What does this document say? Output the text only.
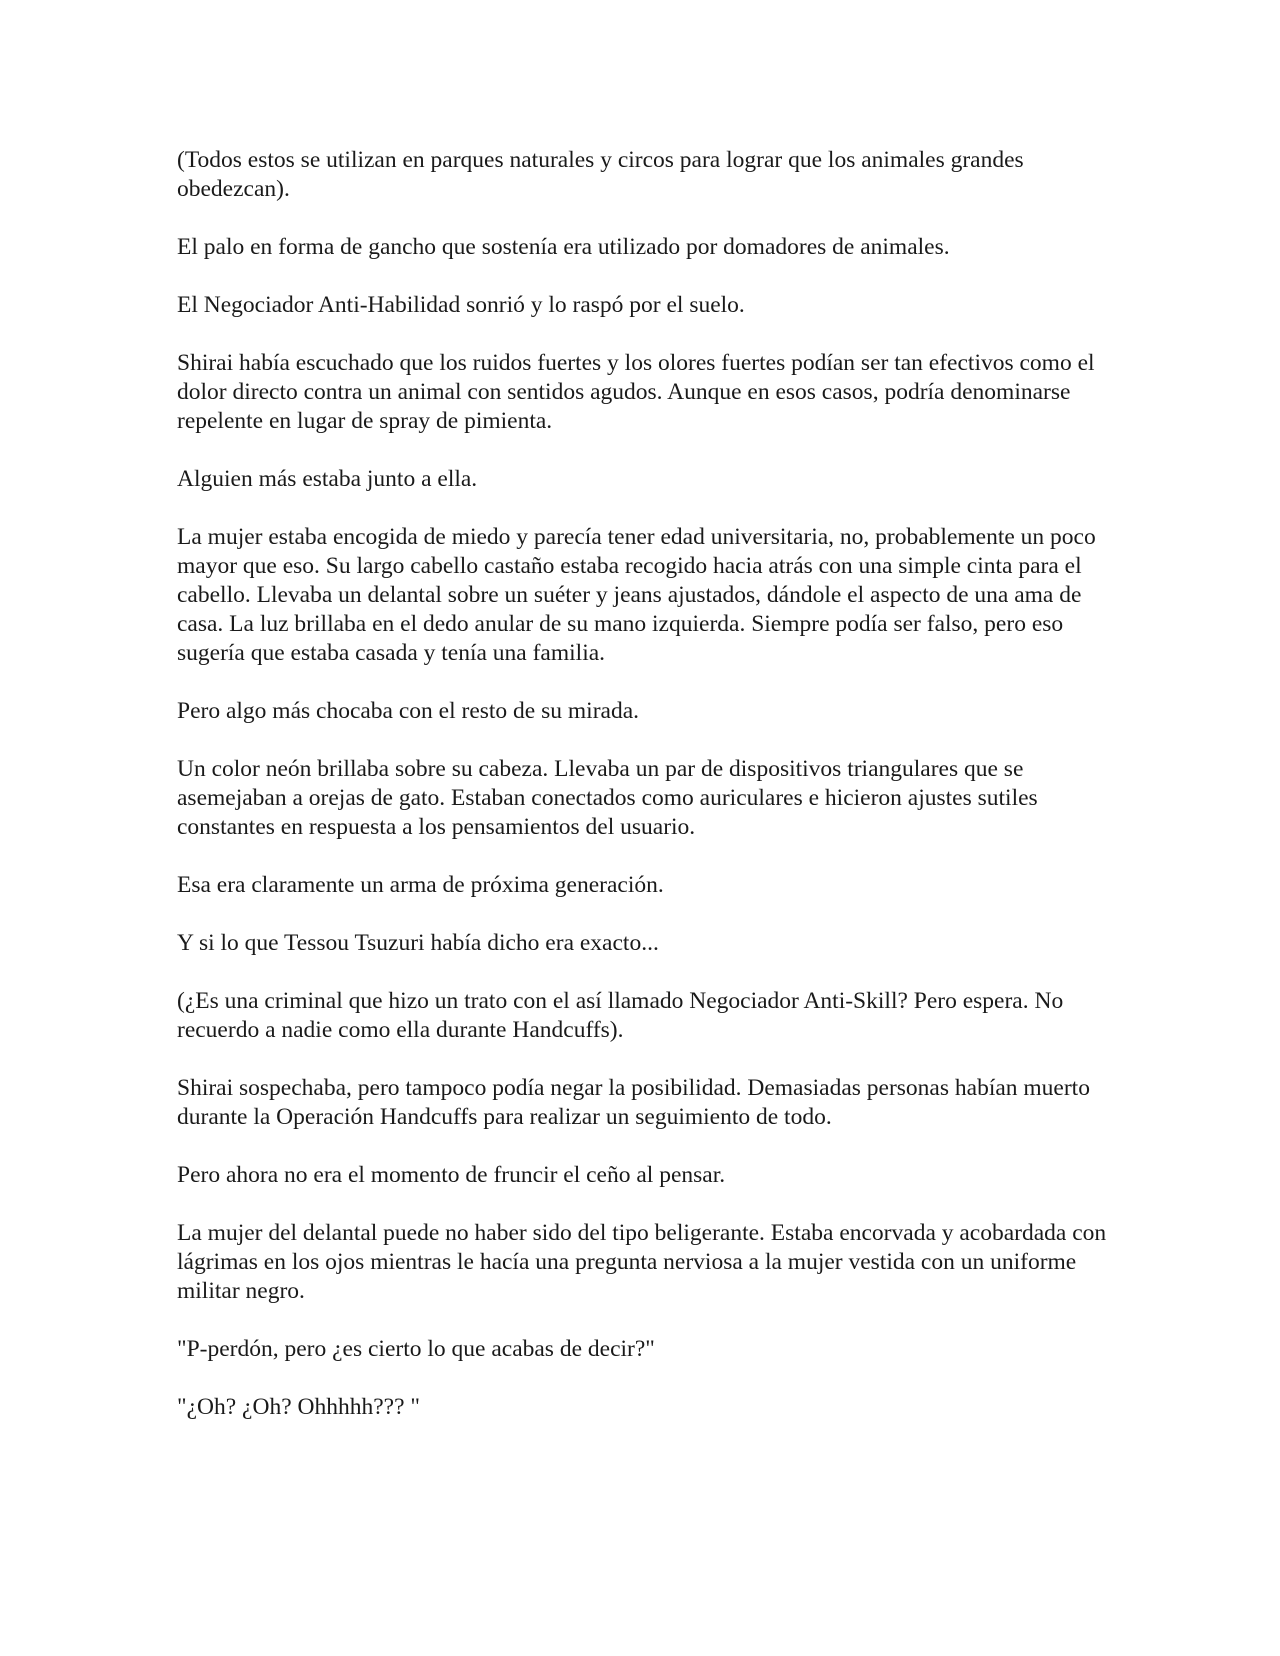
(Todos estos se utilizan en parques naturales y circos para lograr que los animales grandes obedezcan).

El palo en forma de gancho que sostenía era utilizado por domadores de animales.

El Negociador Anti-Habilidad sonrió y lo raspó por el suelo.

Shirai había escuchado que los ruidos fuertes y los olores fuertes podían ser tan efectivos como el dolor directo contra un animal con sentidos agudos. Aunque en esos casos, podría denominarse repelente en lugar de spray de pimienta.

Alguien más estaba junto a ella.

La mujer estaba encogida de miedo y parecía tener edad universitaria, no, probablemente un poco mayor que eso. Su largo cabello castaño estaba recogido hacia atrás con una simple cinta para el cabello. Llevaba un delantal sobre un suéter y jeans ajustados, dándole el aspecto de una ama de casa. La luz brillaba en el dedo anular de su mano izquierda. Siempre podía ser falso, pero eso sugería que estaba casada y tenía una familia.

Pero algo más chocaba con el resto de su mirada.

Un color neón brillaba sobre su cabeza. Llevaba un par de dispositivos triangulares que se asemejaban a orejas de gato. Estaban conectados como auriculares e hicieron ajustes sutiles constantes en respuesta a los pensamientos del usuario.

Esa era claramente un arma de próxima generación.

Y si lo que Tessou Tsuzuri había dicho era exacto...

(¿Es una criminal que hizo un trato con el así llamado Negociador Anti-Skill? Pero espera. No recuerdo a nadie como ella durante Handcuffs).

Shirai sospechaba, pero tampoco podía negar la posibilidad. Demasiadas personas habían muerto durante la Operación Handcuffs para realizar un seguimiento de todo.

Pero ahora no era el momento de fruncir el ceño al pensar.

La mujer del delantal puede no haber sido del tipo beligerante. Estaba encorvada y acobardada con lágrimas en los ojos mientras le hacía una pregunta nerviosa a la mujer vestida con un uniforme militar negro.

"P-perdón, pero ¿es cierto lo que acabas de decir?"

"¿Oh? ¿Oh? Ohhhhh??? "
